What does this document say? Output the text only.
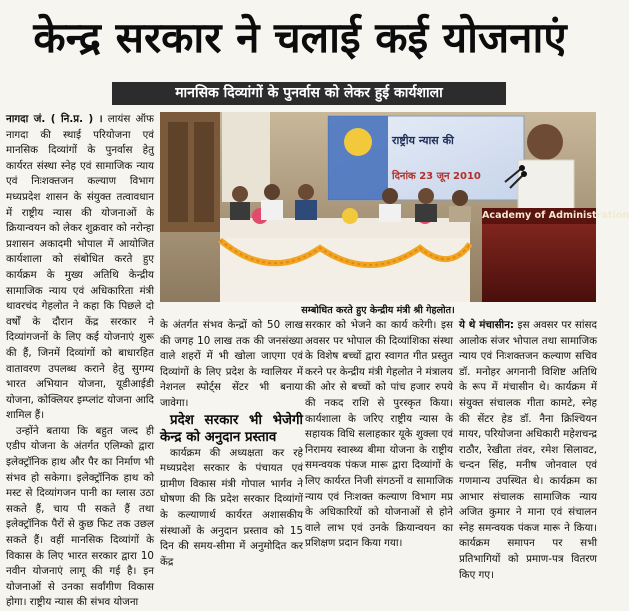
केन्द्र सरकार ने चलाई कई योजनाएं
मानसिक दिव्यांगों के पुनर्वास को लेकर हुई कार्यशाला

नागदा जं. ( नि.प्र. ) । लायंस ऑफ नागदा की स्थाई परियोजना एवं मानसिक दिव्यांगों के पुनर्वास हेतु कार्यरत संस्था स्नेह एवं सामाजिक न्याय एवं निःशक्तजन कल्याण विभाग मध्यप्रदेश शासन के संयुक्त तत्वावधान में राष्ट्रीय न्यास की योजनाओं के क्रियान्वयन को लेकर शुक्रवार को नरोन्हा प्रशासन अकादमी भोपाल में आयोजित कार्यशाला को संबोधित करते हुए कार्यक्रम के मुख्य अतिथि केन्द्रीय सामाजिक न्याय एवं अधिकारिता मंत्री थावरचंद गेहलोत ने कहा कि पिछले दो वर्षों के दौरान केंद्र सरकार ने दिव्यांगजनों के लिए कई योजनाएं शुरू की हैं, जिनमें दिव्यांगों को बाधारहित वातावरण उपलब्ध कराने हेतु सुगम्य भारत अभियान योजना, यूडीआईडी योजना, कोक्लियर इम्प्लांट योजना आदि शामिल हैं।

उन्होंने बताया कि बहुत जल्द ही एडीप योजना के अंतर्गत एलिम्को द्वारा इलेक्ट्रॉनिक हाथ और पैर का निर्माण भी संभव हो सकेगा। इलेक्ट्रॉनिक हाथ को मस्ट से दिव्यांगजन पानी का ग्लास उठा सकते हैं, चाय पी सकते हैं तथा इलेक्ट्रॉनिक पैरों से कुछ फिट तक उछल सकते हैं। वहीं मानसिक दिव्यांगों के विकास के लिए भारत सरकार द्वारा 10 नवीन योजनाएं लागू की गई है। इन योजनाओं से उनका सर्वांगीण विकास होगा। राष्ट्रीय न्यास की संभव योजना

राष्ट्रीय न्यास की
दिनांक 23 जून 2010
Academy of Administration
सम्बोधित करते हुए केन्द्रीय मंत्री श्री गेहलोत।

के अंतर्गत संभव केन्द्रों को 50 लाख की जगह 10 लाख तक की जनसंख्या वाले शहरों में भी खोला जाएगा एवं दिव्यांगों के लिए प्रदेश के ग्वालियर में नेशनल स्पोर्ट्स सेंटर भी बनाया जावेगा।

प्रदेश सरकार भी भेजेगी केन्द्र को अनुदान प्रस्ताव

कार्यक्रम की अध्यक्षता कर रहे मध्यप्रदेश सरकार के पंचायत एवं ग्रामीण विकास मंत्री गोपाल भार्गव ने घोषणा की कि प्रदेश सरकार दिव्यांगों के कल्याणार्थ कार्यरत अशासकीय संस्थाओं के अनुदान प्रस्ताव को 15 दिन की समय-सीमा में अनुमोदित कर केंद्र

सरकार को भेजने का कार्य करेगी। इस अवसर पर भोपाल की दिव्यांशिका संस्था के विशेष बच्चों द्वारा स्वागत गीत प्रस्तुत करने पर केन्द्रीय मंत्री गेहलोत ने मंत्रालय की ओर से बच्चों को पांच हजार रुपये की नकद राशि से पुरस्कृत किया। कार्यशाला के जरिए राष्ट्रीय न्यास के सहायक विधि सलाहकार यूके शुक्ला एवं निरामय स्वास्थ्य बीमा योजना के राष्ट्रीय समन्वयक पंकज मारू द्वारा दिव्यांगों के लिए कार्यरत निजी संगठनों व सामाजिक न्याय एवं निःशक्त कल्याण विभाग मप्र के अधिकारियों को योजनाओं से होने वाले लाभ एवं उनके क्रियान्वयन का प्रशिक्षण प्रदान किया गया।

ये थे मंचासीन: इस अवसर पर सांसद आलोक संजर भोपाल तथा सामाजिक न्याय एवं निःशक्तजन कल्याण सचिव डॉ. मनोहर अगनानी विशिष्ट अतिथि के रूप में मंचासीन थे। कार्यक्रम में संयुक्त संचालक गीता कामटे, स्नेह की सेंटर हेड डॉ. नैना क्रिश्चियन मायर, परियोजना अधिकारी महेशचन्द्र राठौर, रेखीता तंवर, रमेश सिलावट, चन्दन सिंह, मनीष जोनवाल एवं गणमान्य उपस्थित थे। कार्यक्रम का आभार संचालक सामाजिक न्याय अजित कुमार ने माना एवं संचालन स्नेह समन्वयक पंकज मारू ने किया। कार्यक्रम समापन पर सभी प्रतिभागियों को प्रमाण-पत्र वितरण किए गए।
